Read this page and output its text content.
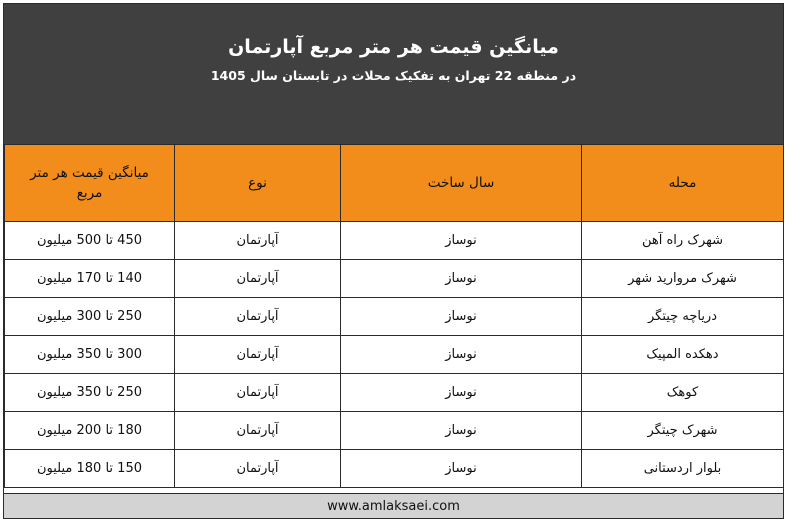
میانگین قیمت هر متر مربع آپارتمان
در منطقه 22 تهران به تفکیک محلات در تابستان سال 1405
محله	سال ساخت	نوع	میانگین قیمت هر متر مربع
شهرک راه آهن	نوساز	آپارتمان	450 تا 500 میلیون
شهرک مروارید شهر	نوساز	آپارتمان	140 تا 170 میلیون
دریاچه چیتگر	نوساز	آپارتمان	250 تا 300 میلیون
دهکده المپیک	نوساز	آپارتمان	300 تا 350 میلیون
کوهک	نوساز	آپارتمان	250 تا 350 میلیون
شهرک چیتگر	نوساز	آپارتمان	180 تا 200 میلیون
بلوار اردستانی	نوساز	آپارتمان	150 تا 180 میلیون
www.amlaksaei.com
